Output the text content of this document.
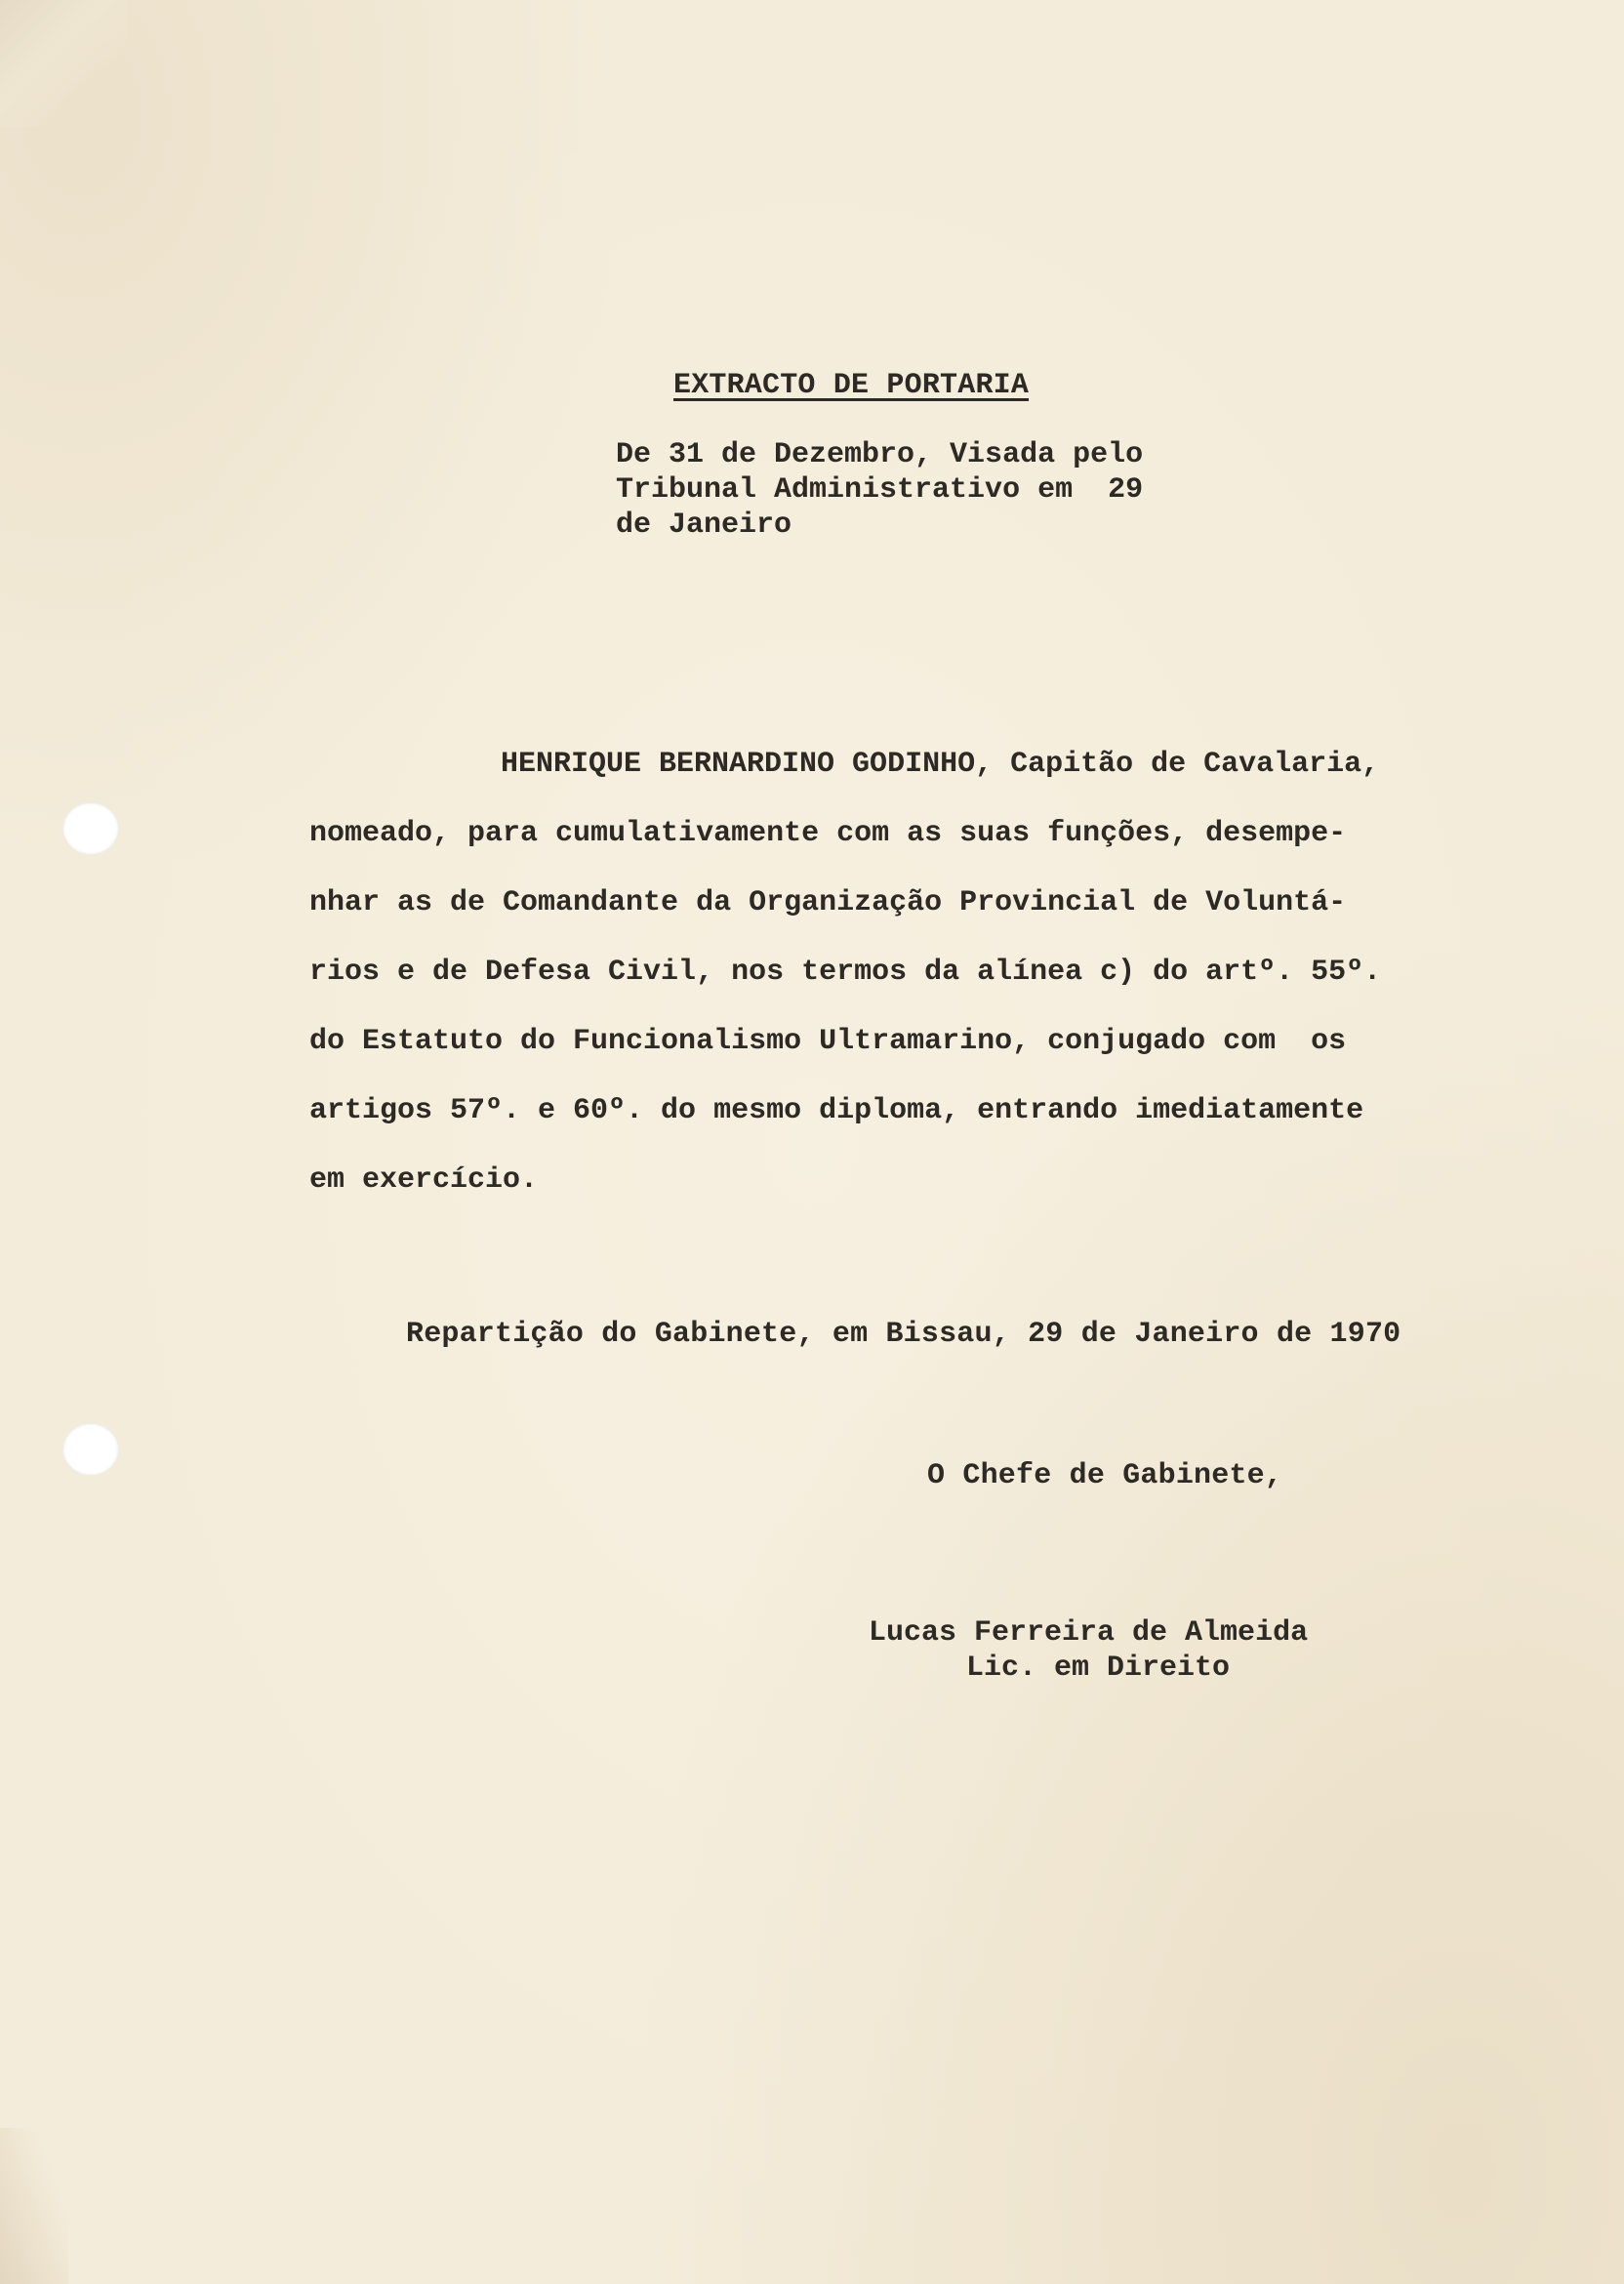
EXTRACTO DE PORTARIA
De 31 de Dezembro, Visada pelo
Tribunal Administrativo em  29
de Janeiro
HENRIQUE BERNARDINO GODINHO, Capitão de Cavalaria,
nomeado, para cumulativamente com as suas funções, desempe-
nhar as de Comandante da Organização Provincial de Voluntá-
rios e de Defesa Civil, nos termos da alínea c) do artº. 55º.
do Estatuto do Funcionalismo Ultramarino, conjugado com  os
artigos 57º. e 60º. do mesmo diploma, entrando imediatamente
em exercício.
Repartição do Gabinete, em Bissau, 29 de Janeiro de 1970
O Chefe de Gabinete,
Lucas Ferreira de Almeida
Lic. em Direito
